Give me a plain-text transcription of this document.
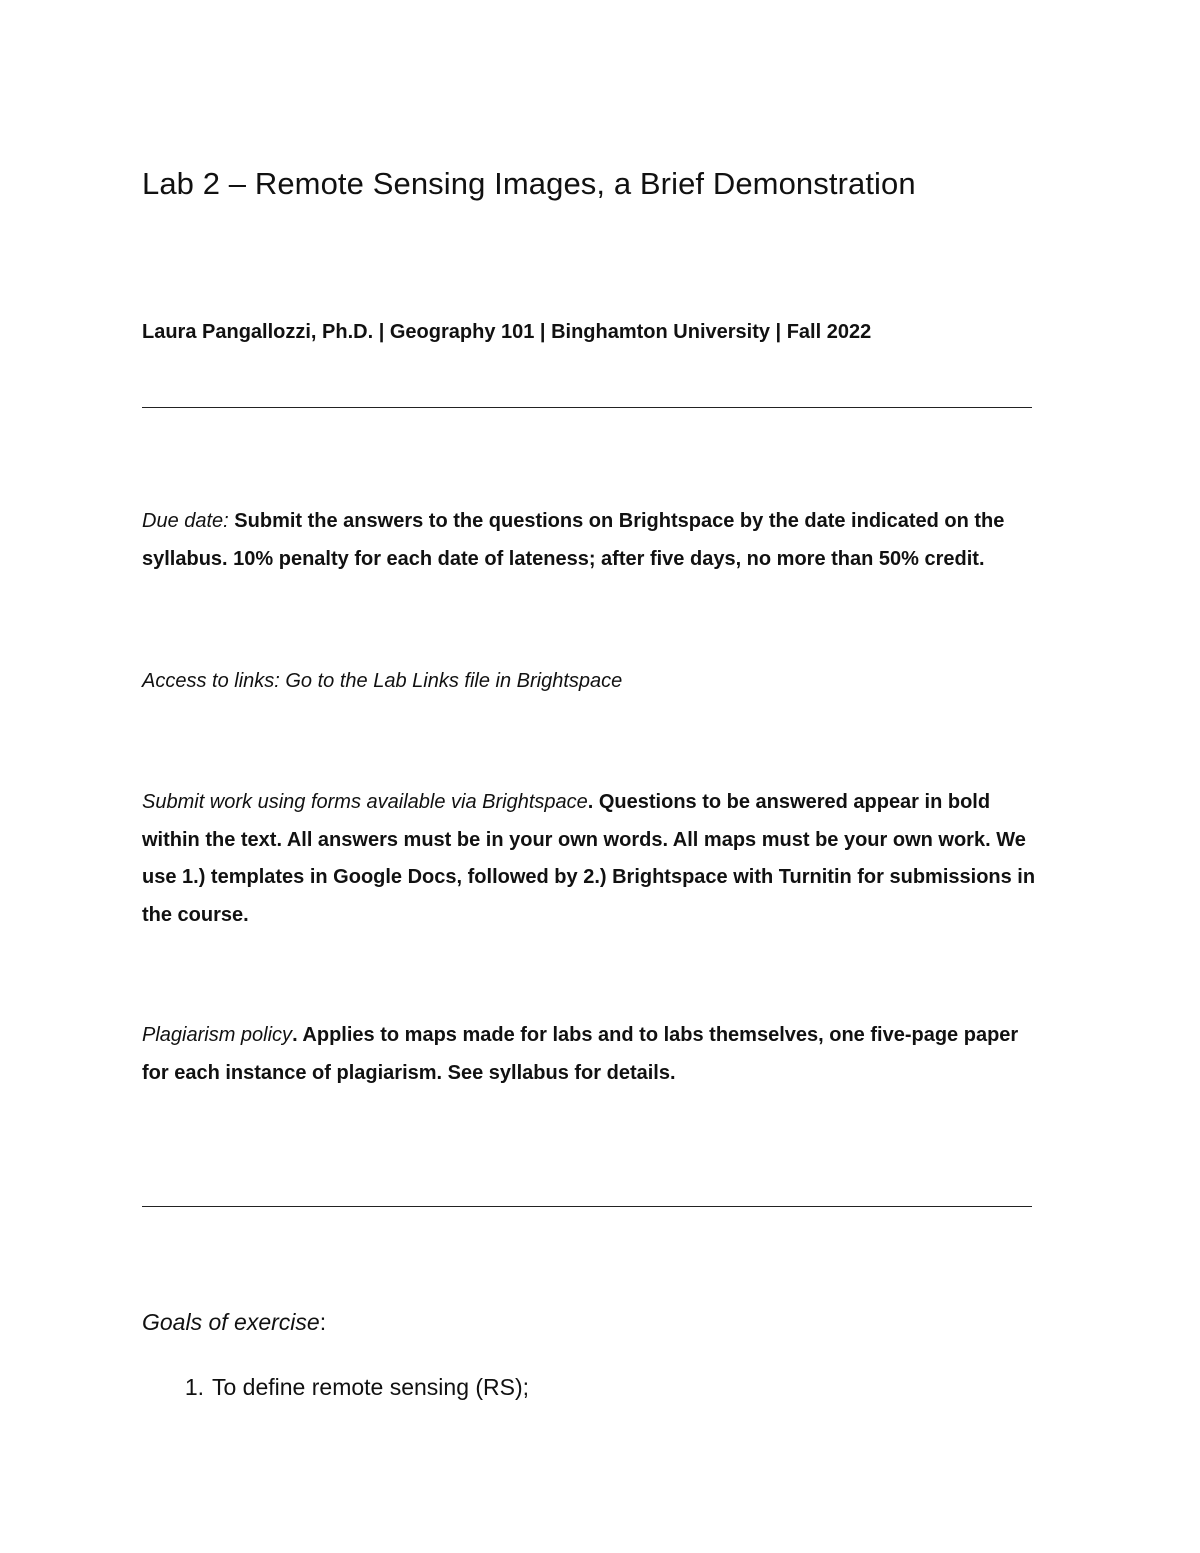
Lab 2 – Remote Sensing Images, a Brief Demonstration

Laura Pangallozzi, Ph.D. | Geography 101 | Binghamton University | Fall 2022

Due date: Submit the answers to the questions on Brightspace by the date indicated on the syllabus. 10% penalty for each date of lateness; after five days, no more than 50% credit.

Access to links: Go to the Lab Links file in Brightspace

Submit work using forms available via Brightspace. Questions to be answered appear in bold within the text. All answers must be in your own words. All maps must be your own work. We use 1.) templates in Google Docs, followed by 2.) Brightspace with Turnitin for submissions in the course.

Plagiarism policy. Applies to maps made for labs and to labs themselves, one five-page paper for each instance of plagiarism. See syllabus for details.

Goals of exercise:

1. To define remote sensing (RS);
